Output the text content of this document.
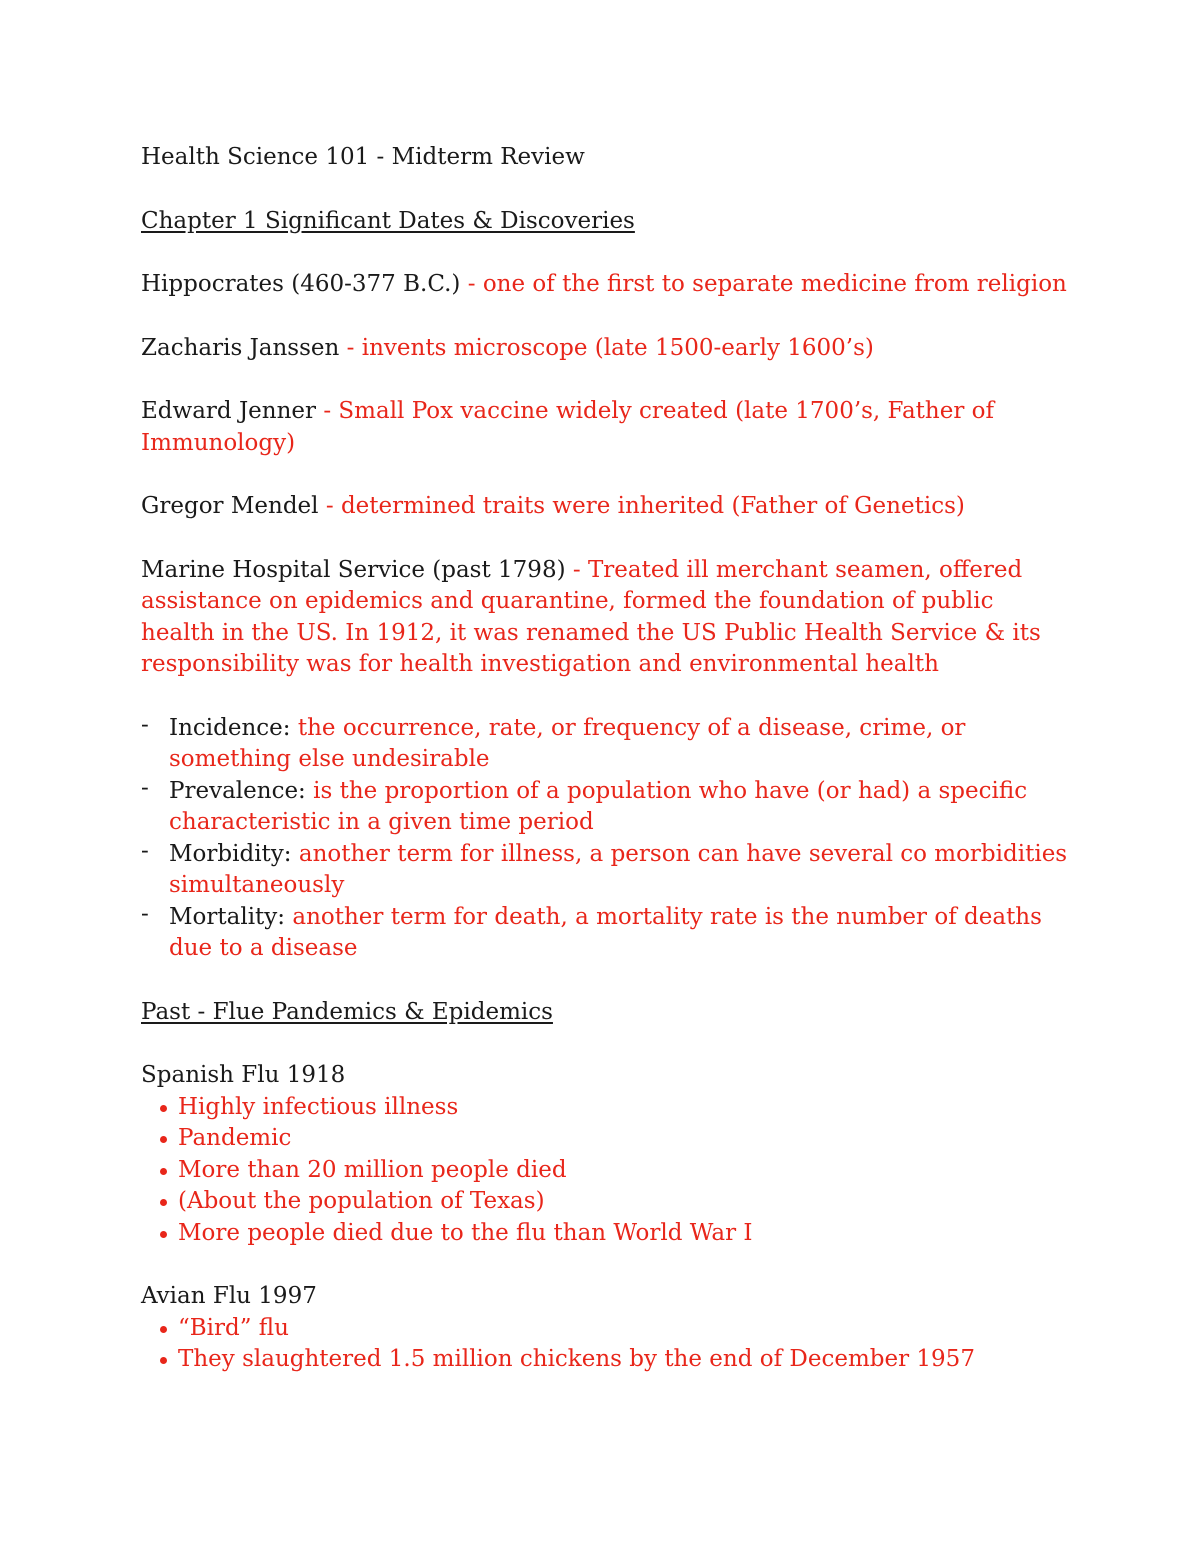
Health Science 101 - Midterm Review

Chapter 1 Significant Dates & Discoveries

Hippocrates (460-377 B.C.) - one of the first to separate medicine from religion

Zacharis Janssen - invents microscope (late 1500-early 1600’s)

Edward Jenner - Small Pox vaccine widely created (late 1700’s, Father of Immunology)

Gregor Mendel - determined traits were inherited (Father of Genetics)

Marine Hospital Service (past 1798) - Treated ill merchant seamen, offered assistance on epidemics and quarantine, formed the foundation of public health in the US. In 1912, it was renamed the US Public Health Service & its responsibility was for health investigation and environmental health

- Incidence: the occurrence, rate, or frequency of a disease, crime, or something else undesirable
- Prevalence: is the proportion of a population who have (or had) a specific characteristic in a given time period
- Morbidity: another term for illness, a person can have several co morbidities simultaneously
- Mortality: another term for death, a mortality rate is the number of deaths due to a disease

Past - Flue Pandemics & Epidemics

Spanish Flu 1918

Highly infectious illness
Pandemic
More than 20 million people died
(About the population of Texas)
More people died due to the flu than World War I

Avian Flu 1997

“Bird” flu
They slaughtered 1.5 million chickens by the end of December 1957
